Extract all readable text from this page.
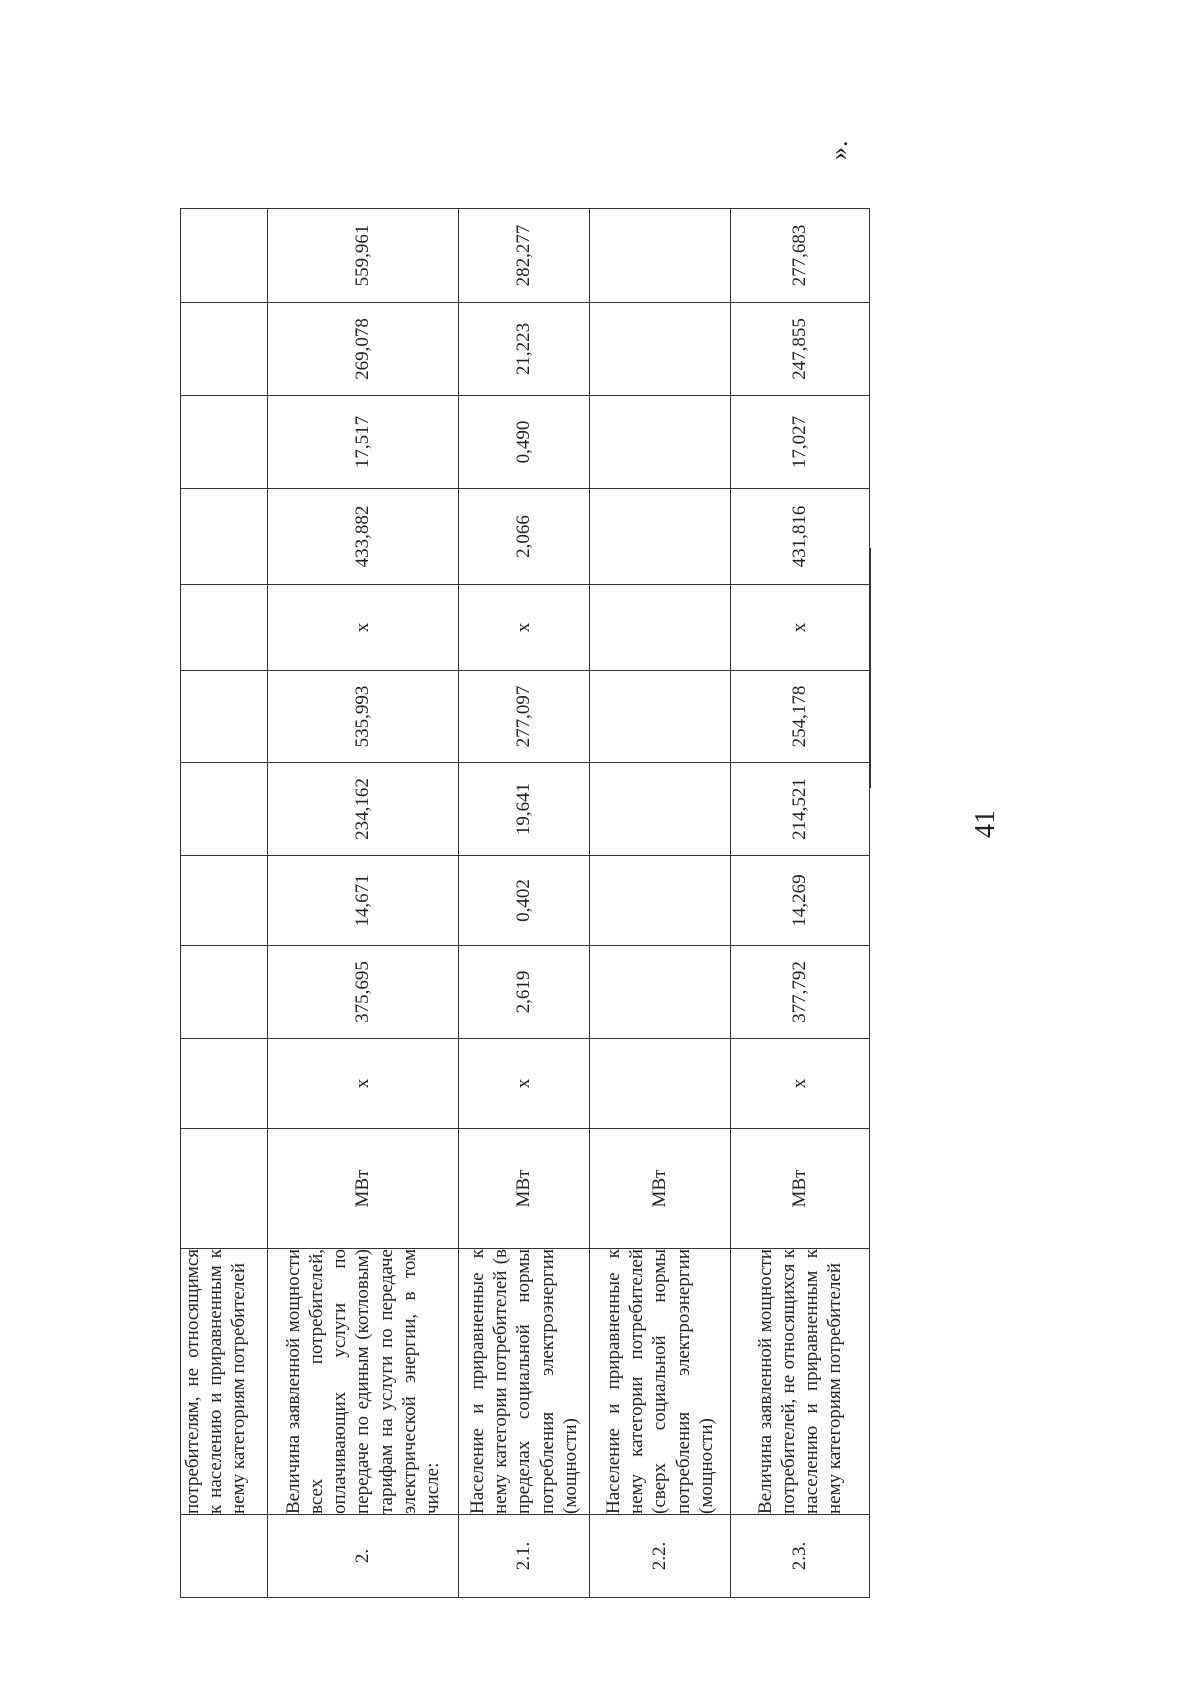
41
	потребителям, не относящимся к населению и приравненным к нему категориям потребителей											
2.	Величина заявленной мощности всех потребителей, оплачивающих услуги по передаче по единым (котловым) тарифам на услуги по передаче электрической энергии, в том числе:	МВт	x	375,695	14,671	234,162	535,993	x	433,882	17,517	269,078	559,961
2.1.	Население и приравненные к нему категории потребителей (в пределах социальной нормы потребления электроэнергии (мощности)	МВт	x	2,619	0,402	19,641	277,097	x	2,066	0,490	21,223	282,277
2.2.	Население и приравненные к нему категории потребителей (сверх социальной нормы потребления электроэнергии (мощности)	МВт										
2.3.	Величина заявленной мощности потребителей, не относящихся к населению и приравненным к нему категориям потребителей	МВт	x	377,792	14,269	214,521	254,178	x	431,816	17,027	247,855	277,683
».
